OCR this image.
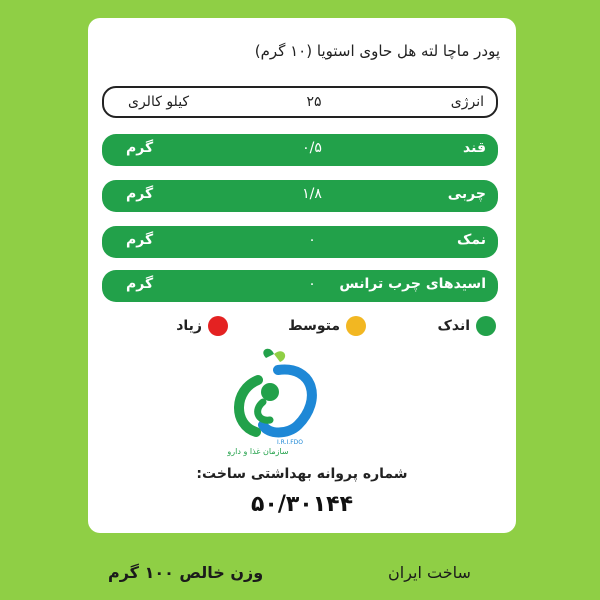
پودر ماچا لته هل حاوی استویا (۱۰ گرم)
انرژی
۲۵
کیلو کالری
قند
۰/۵
گرم
چربی
۱/۸
گرم
نمک
۰
گرم
اسیدهای چرب ترانس
۰
گرم
اندک
متوسط
زیاد
I.R.I.FDO
سازمان غذا و دارو
شماره پروانه بهداشتی ساخت:
۵۰/۳۰۱۴۴
وزن خالص ۱۰۰ گرم	ساخت ایران
